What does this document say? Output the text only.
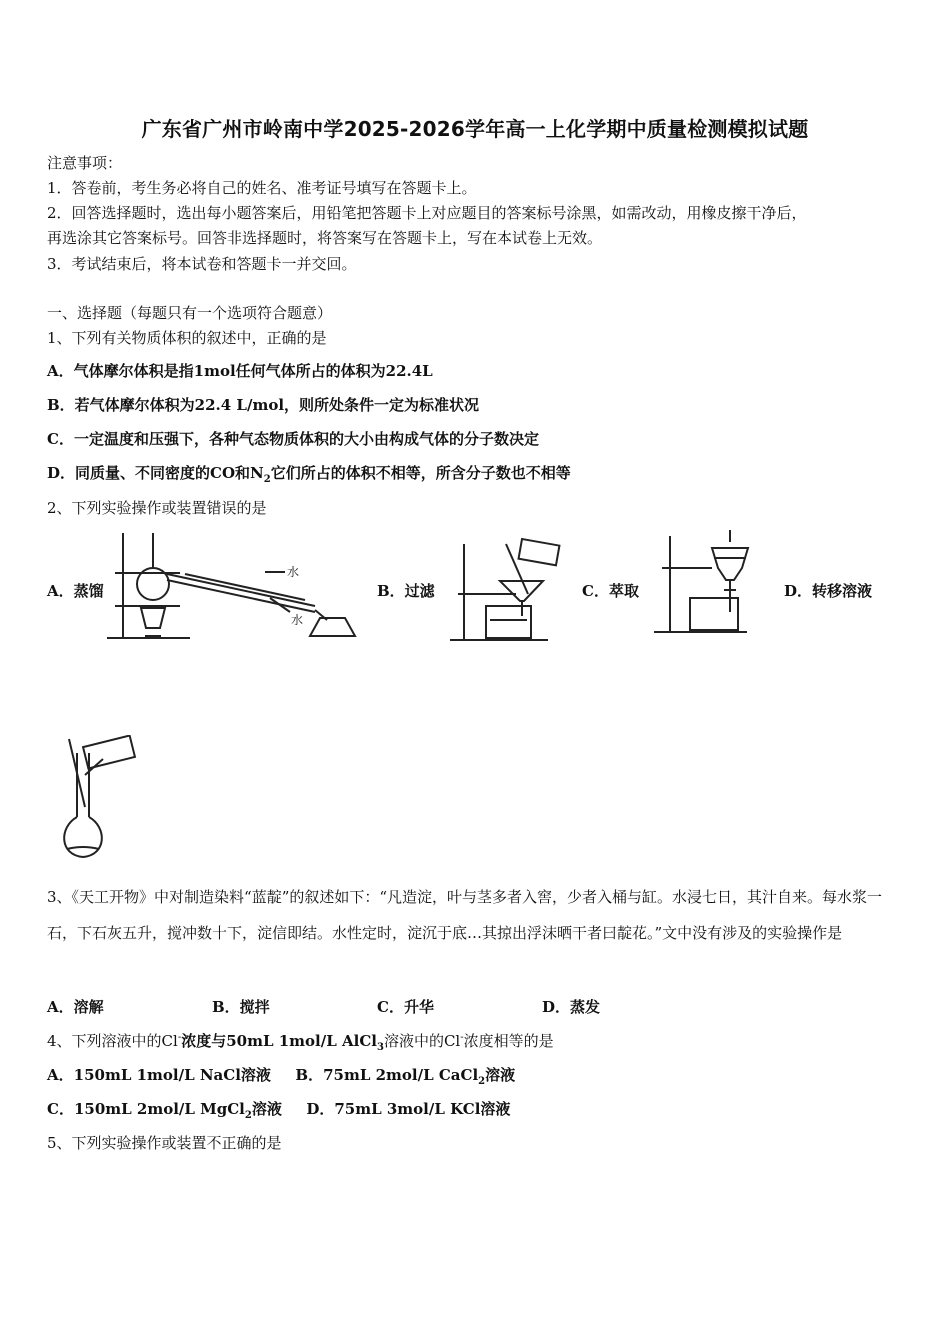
广东省广州市岭南中学2025-2026学年高一上化学期中质量检测模拟试题
注意事项：
1．答卷前，考生务必将自己的姓名、准考证号填写在答题卡上。
2．回答选择题时，选出每小题答案后，用铅笔把答题卡上对应题目的答案标号涂黑，如需改动，用橡皮擦干净后，
再选涂其它答案标号。回答非选择题时，将答案写在答题卡上，写在本试卷上无效。
3．考试结束后，将本试卷和答题卡一并交回。
一、选择题（每题只有一个选项符合题意）
1、下列有关物质体积的叙述中，正确的是
A．气体摩尔体积是指1mol任何气体所占的体积为22.4L
B．若气体摩尔体积为22.4 L/mol，则所处条件一定为标准状况
C．一定温度和压强下，各种气态物质体积的大小由构成气体的分子数决定
D．同质量、不同密度的CO和$N_2$它们所占的体积不相等，所含分子数也不相等
2、下列实验操作或装置错误的是
A．蒸馏	B．过滤	C．萃取	D．转移溶液
水
水
3、《天工开物》中对制造染料“蓝靛”的叙述如下：“凡造淀，叶与茎多者入窖，少者入桶与缸。水浸七日，其汁自来。每水浆一石，下石灰五升，搅冲数十下，淀信即结。水性定时，淀沉于底…其掠出浮沫晒干者曰靛花。”文中没有涉及的实验操作是
A．溶解	B．搅拌	C．升华	D．蒸发
4、下列溶液中的Cl-浓度与50mL 1mol/L AlCl$_3$溶液中的Cl-浓度相等的是
A．150mL 1mol/L NaCl溶液 B．75mL 2mol/L CaCl$_2$溶液
C．150mL 2mol/L MgCl$_2$溶液 D．75mL 3mol/L KCl溶液
5、下列实验操作或装置不正确的是
